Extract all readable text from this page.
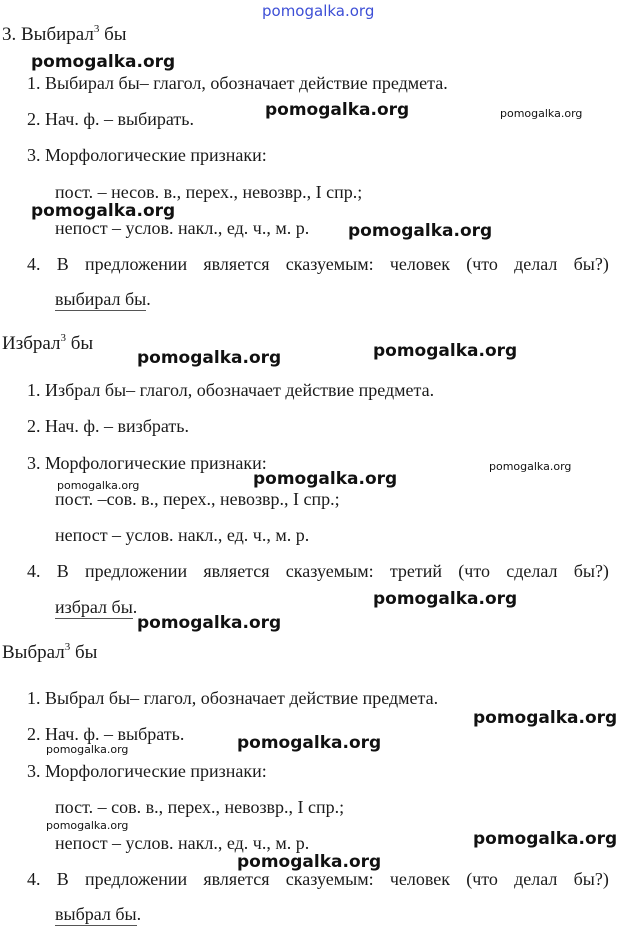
pomogalka.org
3. Выбирал$^3$ бы
pomogalka.org
1. Выбирал бы– глагол, обозначает действие предмета.
2. Нач. ф. – выбирать.	pomogalka.org	pomogalka.org
3. Морфологические признаки:
пост. – несов. в., перех., невозвр., I спр.;
pomogalka.org
непост – услов. накл., ед. ч., м. р. pomogalka.org
4. В предложении является сказуемым: человек (что делал бы?)
выбирал бы.
Избрал$^3$ бы
pomogalka.org	pomogalka.org
1. Избрал бы– глагол, обозначает действие предмета.
2. Нач. ф. – визбрать.
3. Морфологические признаки:
pomogalka.org
pomogalka.org
pomogalka.org
пост. –сов. в., перех., невозвр., I спр.;
непост – услов. накл., ед. ч., м. р.
4. В предложении является сказуемым: третий (что сделал бы?)
избрал бы.	pomogalka.org
pomogalka.org
Выбрал$^3$ бы
1. Выбрал бы– глагол, обозначает действие предмета.
pomogalka.org
2. Нач. ф. – выбрать.	pomogalka.org
pomogalka.org
3. Морфологические признаки:
пост. – сов. в., перех., невозвр., I спр.;
pomogalka.org
непост – услов. накл., ед. ч., м. р.	pomogalka.org
pomogalka.org
4. В предложении является сказуемым: человек (что делал бы?)
выбрал бы.
